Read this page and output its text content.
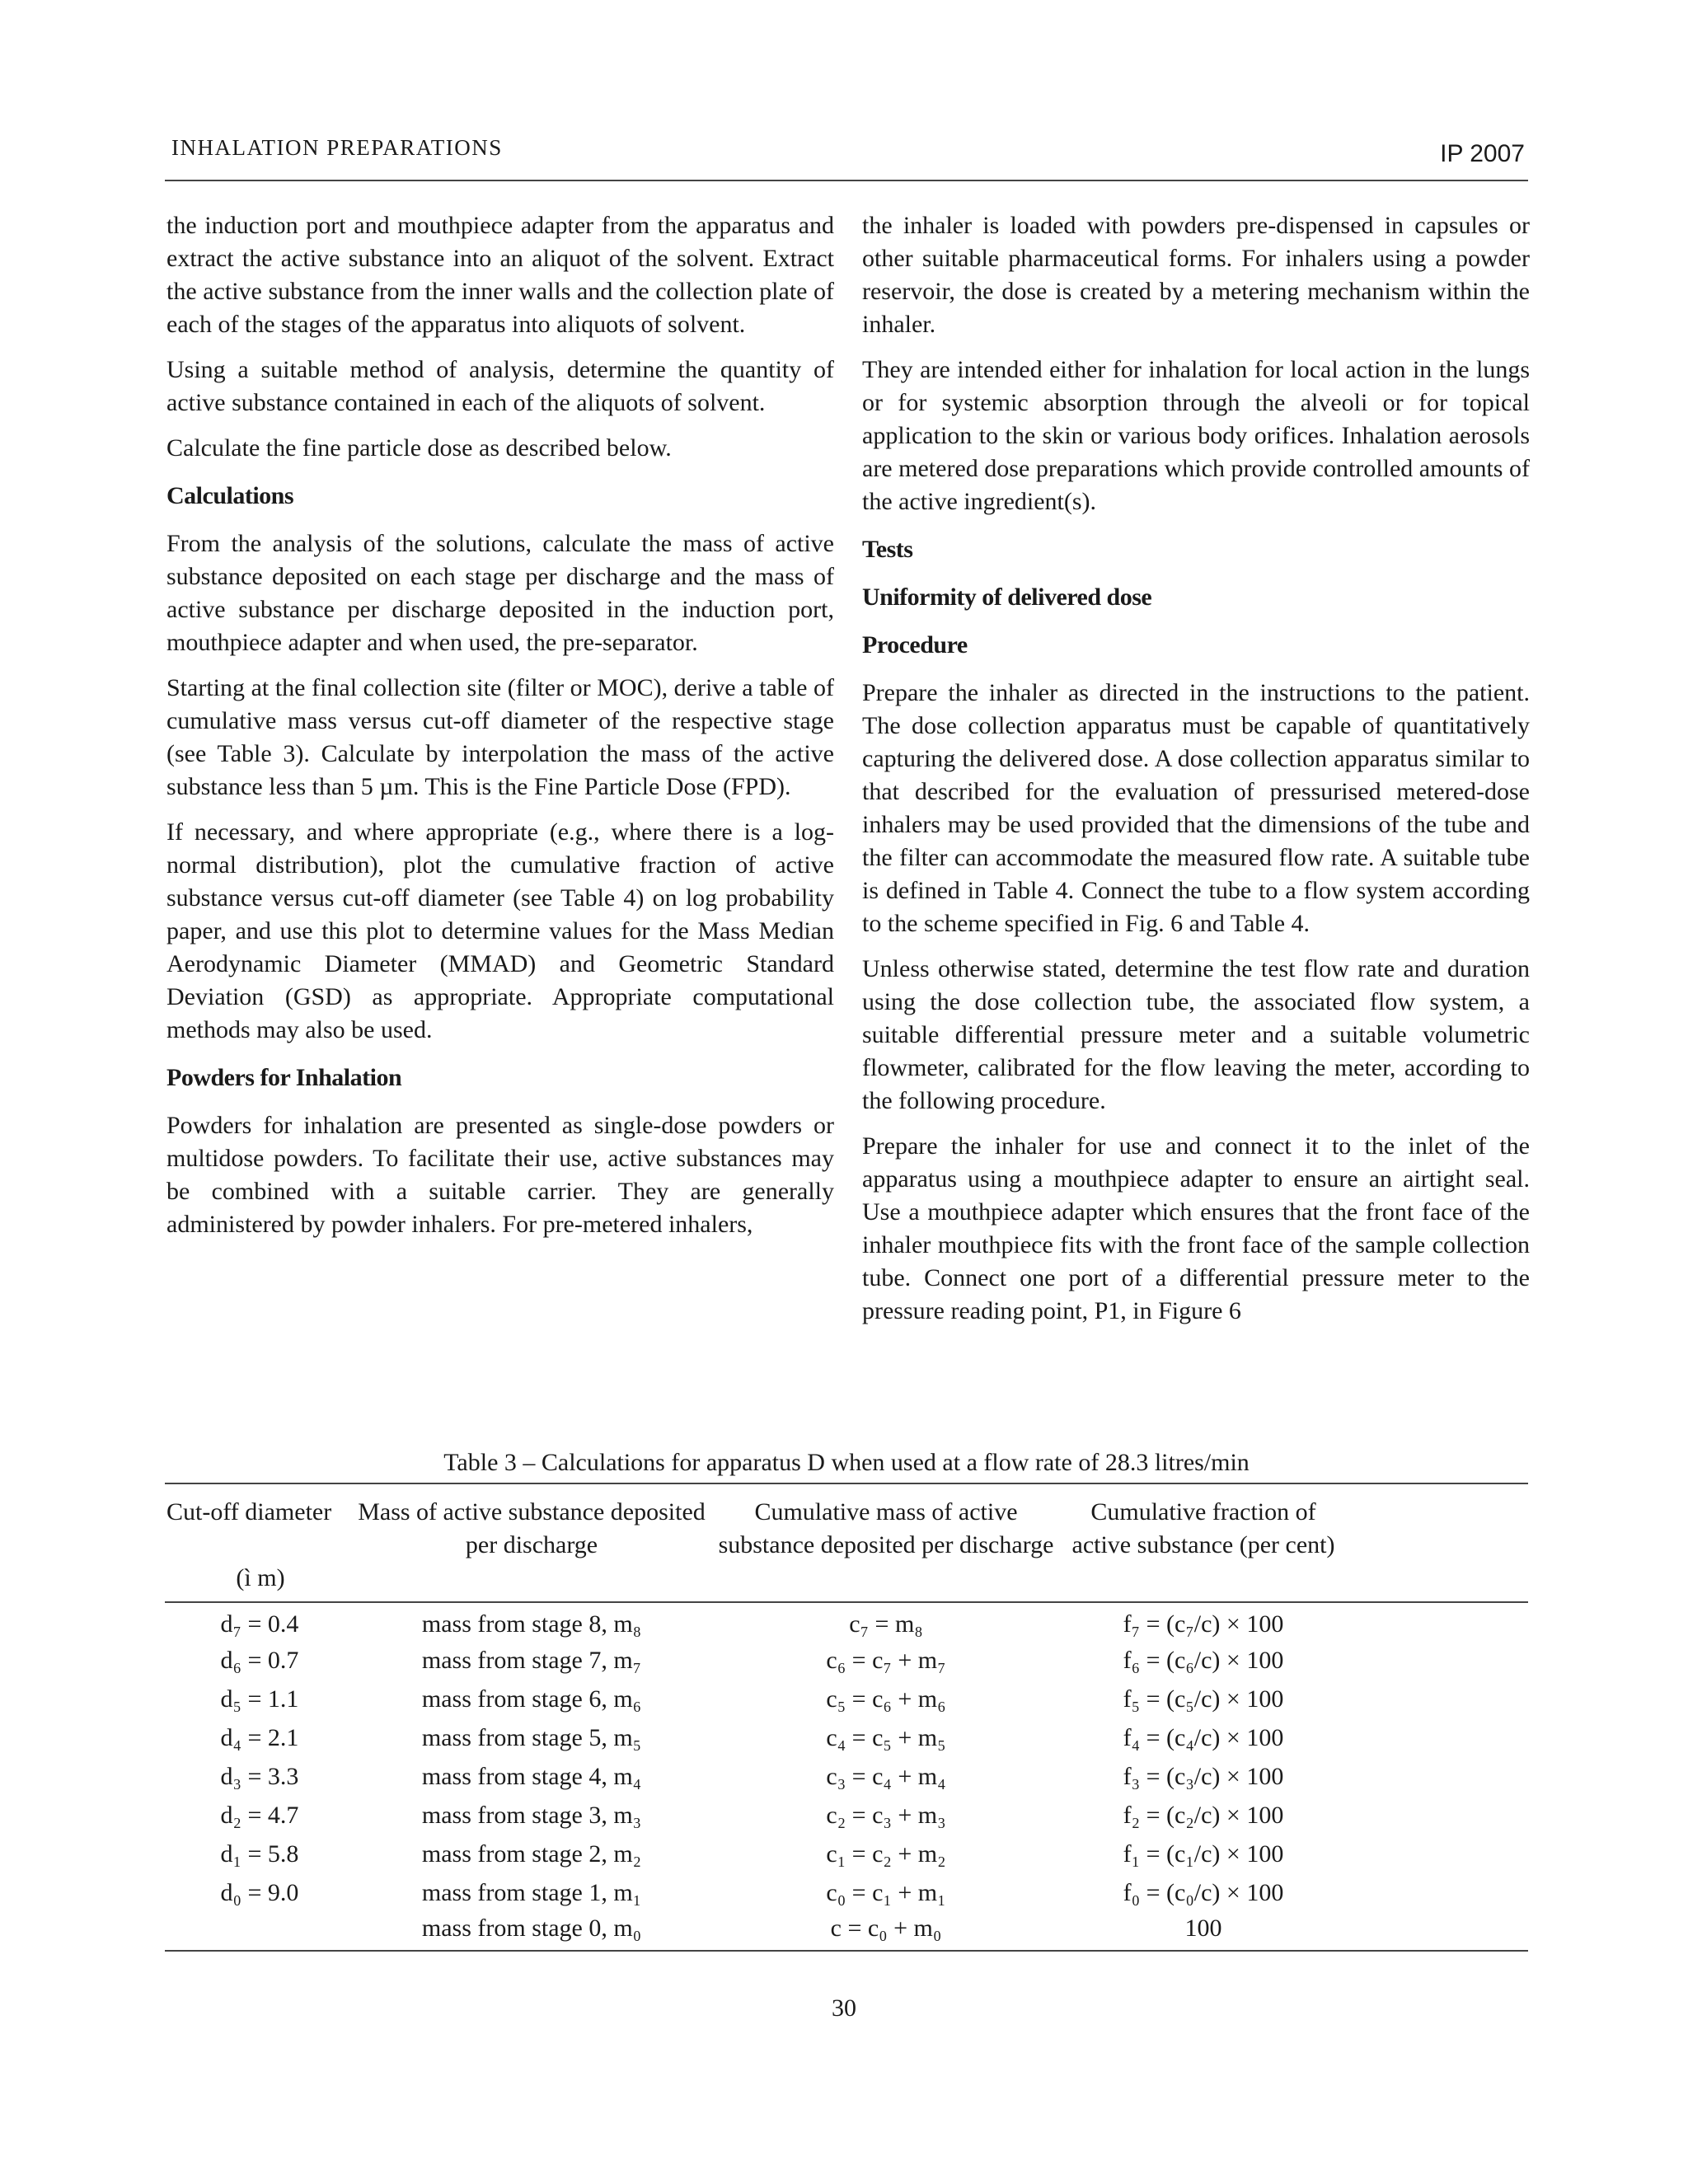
INHALATION PREPARATIONS	IP 2007

the induction port and mouthpiece adapter from the apparatus and extract the active substance into an aliquot of the solvent. Extract the active substance from the inner walls and the collection plate of each of the stages of the apparatus into aliquots of solvent.

Using a suitable method of analysis, determine the quantity of active substance contained in each of the aliquots of solvent.

Calculate the fine particle dose as described below.

Calculations

From the analysis of the solutions, calculate the mass of active substance deposited on each stage per discharge and the mass of active substance per discharge deposited in the induction port, mouthpiece adapter and when used, the pre-separator.

Starting at the final collection site (filter or MOC), derive a table of cumulative mass versus cut-off diameter of the respective stage (see Table 3). Calculate by interpolation the mass of the active substance less than 5 µm. This is the Fine Particle Dose (FPD).

If necessary, and where appropriate (e.g., where there is a log-normal distribution), plot the cumulative fraction of active substance versus cut-off diameter (see Table 4) on log probability paper, and use this plot to determine values for the Mass Median Aerodynamic Diameter (MMAD) and Geometric Standard Deviation (GSD) as appropriate. Appropriate computational methods may also be used.

Powders for Inhalation

Powders for inhalation are presented as single-dose powders or multidose powders. To facilitate their use, active substances may be combined with a suitable carrier. They are generally administered by powder inhalers. For pre-metered inhalers,

the inhaler is loaded with powders pre-dispensed in capsules or other suitable pharmaceutical forms. For inhalers using a powder reservoir, the dose is created by a metering mechanism within the inhaler.

They are intended either for inhalation for local action in the lungs or for systemic absorption through the alveoli or for topical application to the skin or various body orifices. Inhalation aerosols are metered dose preparations which provide controlled amounts of the active ingredient(s).

Tests
Uniformity of delivered dose
Procedure

Prepare the inhaler as directed in the instructions to the patient. The dose collection apparatus must be capable of quantitatively capturing the delivered dose. A dose collection apparatus similar to that described for the evaluation of pressurised metered-dose inhalers may be used provided that the dimensions of the tube and the filter can accommodate the measured flow rate. A suitable tube is defined in Table 4. Connect the tube to a flow system according to the scheme specified in Fig. 6 and Table 4.

Unless otherwise stated, determine the test flow rate and duration using the dose collection tube, the associated flow system, a suitable differential pressure meter and a suitable volumetric flowmeter, calibrated for the flow leaving the meter, according to the following procedure.

Prepare the inhaler for use and connect it to the inlet of the apparatus using a mouthpiece adapter to ensure an airtight seal. Use a mouthpiece adapter which ensures that the front face of the inhaler mouthpiece fits with the front face of the sample collection tube. Connect one port of a differential pressure meter to the pressure reading point, P1, in Figure 6

Table 3 – Calculations for apparatus D when used at a flow rate of 28.3 litres/min
Cut-off diameter
(ì m)	Mass of active substance deposited per discharge	Cumulative mass of active substance deposited per discharge	Cumulative fraction of active substance (per cent)	
d₇ = 0.4	mass from stage 8, m₈	c₇ = m₈	f₇ = (c₇/c) × 100	
d₆ = 0.7	mass from stage 7, m₇	c₆ = c₇ + m₇	f₆ = (c₆/c) × 100	
d₅ = 1.1	mass from stage 6, m₆	c₅ = c₆ + m₆	f₅ = (c₅/c) × 100	
d₄ = 2.1	mass from stage 5, m₅	c₄ = c₅ + m₅	f₄ = (c₄/c) × 100	
d₃ = 3.3	mass from stage 4, m₄	c₃ = c₄ + m₄	f₃ = (c₃/c) × 100	
d₂ = 4.7	mass from stage 3, m₃	c₂ = c₃ + m₃	f₂ = (c₂/c) × 100	
d₁ = 5.8	mass from stage 2, m₂	c₁ = c₂ + m₂	f₁ = (c₁/c) × 100	
d₀ = 9.0	mass from stage 1, m₁	c₀ = c₁ + m₁	f₀ = (c₀/c) × 100	
	mass from stage 0, m₀	c = c₀ + m₀	100	
30
